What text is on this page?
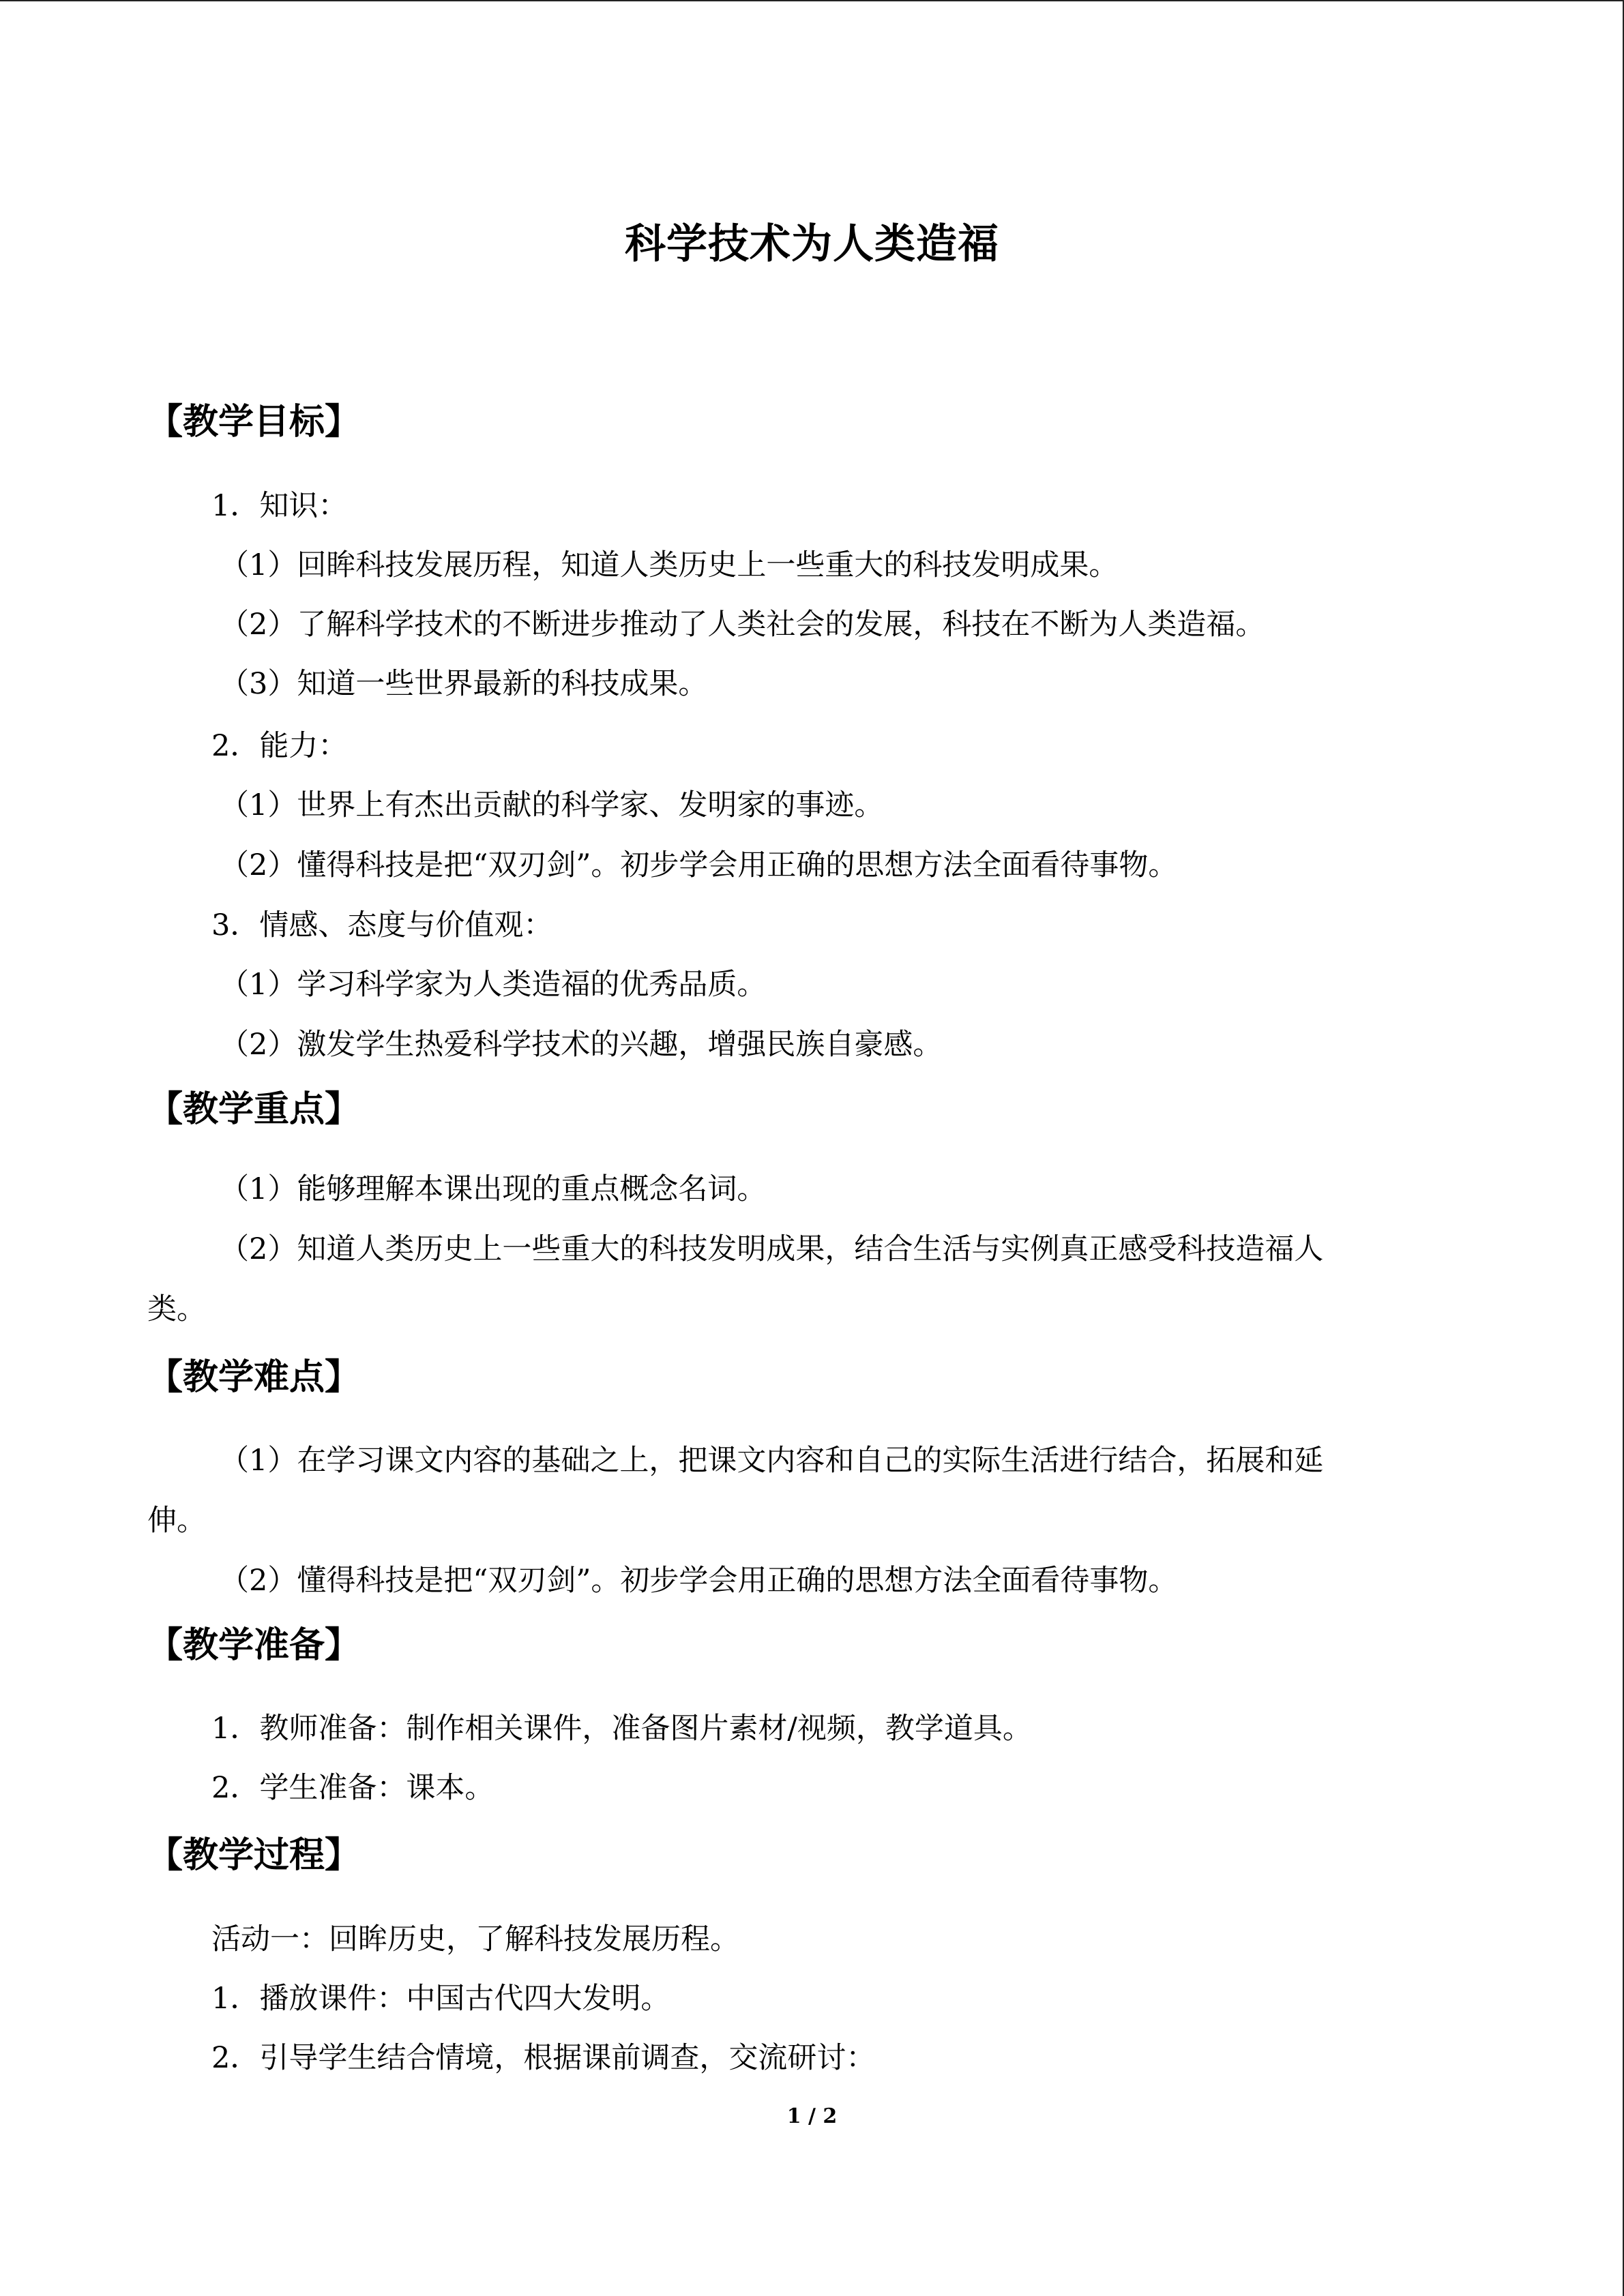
科学技术为人类造福
【教学目标】
1．知识：
（1）回眸科技发展历程，知道人类历史上一些重大的科技发明成果。
（2）了解科学技术的不断进步推动了人类社会的发展，科技在不断为人类造福。
（3）知道一些世界最新的科技成果。
2．能力：
（1）世界上有杰出贡献的科学家、发明家的事迹。
（2）懂得科技是把“双刃剑”。初步学会用正确的思想方法全面看待事物。
3．情感、态度与价值观：
（1）学习科学家为人类造福的优秀品质。
（2）激发学生热爱科学技术的兴趣，增强民族自豪感。
【教学重点】
（1）能够理解本课出现的重点概念名词。
（2）知道人类历史上一些重大的科技发明成果，结合生活与实例真正感受科技造福人
类。
【教学难点】
（1）在学习课文内容的基础之上，把课文内容和自己的实际生活进行结合，拓展和延
伸。
（2）懂得科技是把“双刃剑”。初步学会用正确的思想方法全面看待事物。
【教学准备】
1．教师准备：制作相关课件，准备图片素材/视频，教学道具。
2．学生准备：课本。
【教学过程】
活动一：回眸历史，了解科技发展历程。
1．播放课件：中国古代四大发明。
2．引导学生结合情境，根据课前调查，交流研讨：
1 / 2
